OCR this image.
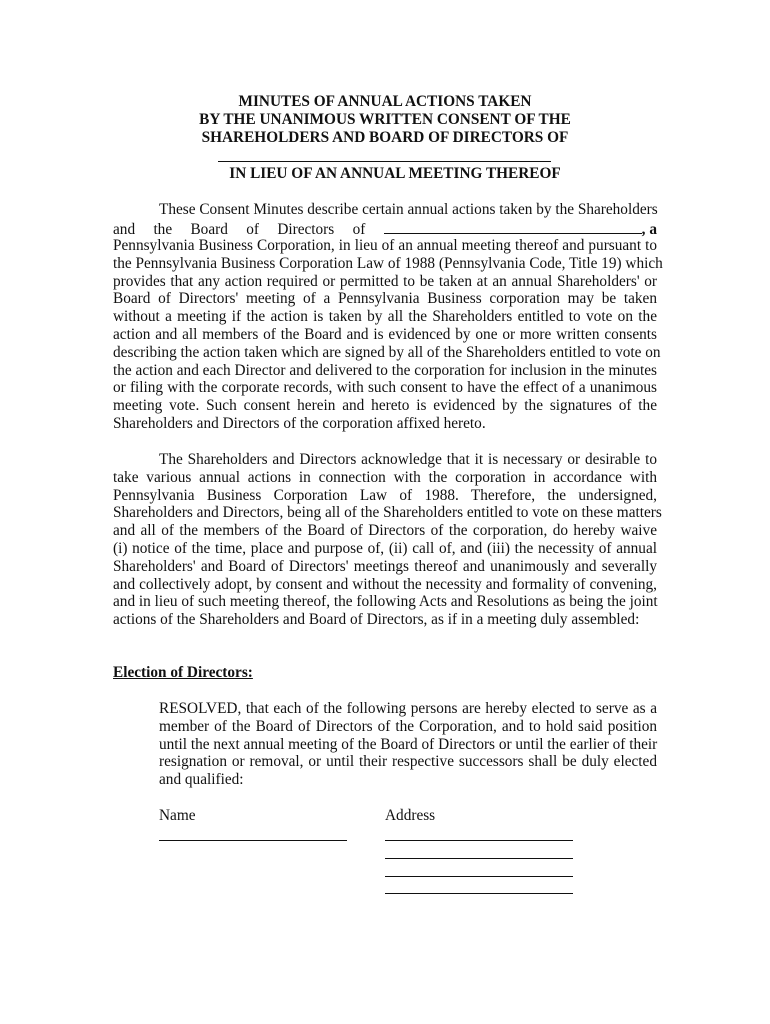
MINUTES OF ANNUAL ACTIONS TAKEN
BY THE UNANIMOUS WRITTEN CONSENT OF THE
SHAREHOLDERS AND BOARD OF DIRECTORS OF
IN LIEU OF AN ANNUAL MEETING THEREOF
These Consent Minutes describe certain annual actions taken by the Shareholders
and the Board of Directors of	, a
Pennsylvania Business Corporation, in lieu of an annual meeting thereof and pursuant to
the Pennsylvania Business Corporation Law of 1988 (Pennsylvania Code, Title 19) which
provides that any action required or permitted to be taken at an annual Shareholders' or
Board of Directors' meeting of a Pennsylvania Business corporation may be taken
without a meeting if the action is taken by all the Shareholders entitled to vote on the
action and all members of the Board and is evidenced by one or more written consents
describing the action taken which are signed by all of the Shareholders entitled to vote on
the action and each Director and delivered to the corporation for inclusion in the minutes
or filing with the corporate records, with such consent to have the effect of a unanimous
meeting vote. Such consent herein and hereto is evidenced by the signatures of the
Shareholders and Directors of the corporation affixed hereto.
The Shareholders and Directors acknowledge that it is necessary or desirable to
take various annual actions in connection with the corporation in accordance with
Pennsylvania Business Corporation Law of 1988. Therefore, the undersigned,
Shareholders and Directors, being all of the Shareholders entitled to vote on these matters
and all of the members of the Board of Directors of the corporation, do hereby waive
(i) notice of the time, place and purpose of, (ii) call of, and (iii) the necessity of annual
Shareholders' and Board of Directors' meetings thereof and unanimously and severally
and collectively adopt, by consent and without the necessity and formality of convening,
and in lieu of such meeting thereof, the following Acts and Resolutions as being the joint
actions of the Shareholders and Board of Directors, as if in a meeting duly assembled:
Election of Directors:
RESOLVED, that each of the following persons are hereby elected to serve as a
member of the Board of Directors of the Corporation, and to hold said position
until the next annual meeting of the Board of Directors or until the earlier of their
resignation or removal, or until their respective successors shall be duly elected
and qualified:
Name	Address
